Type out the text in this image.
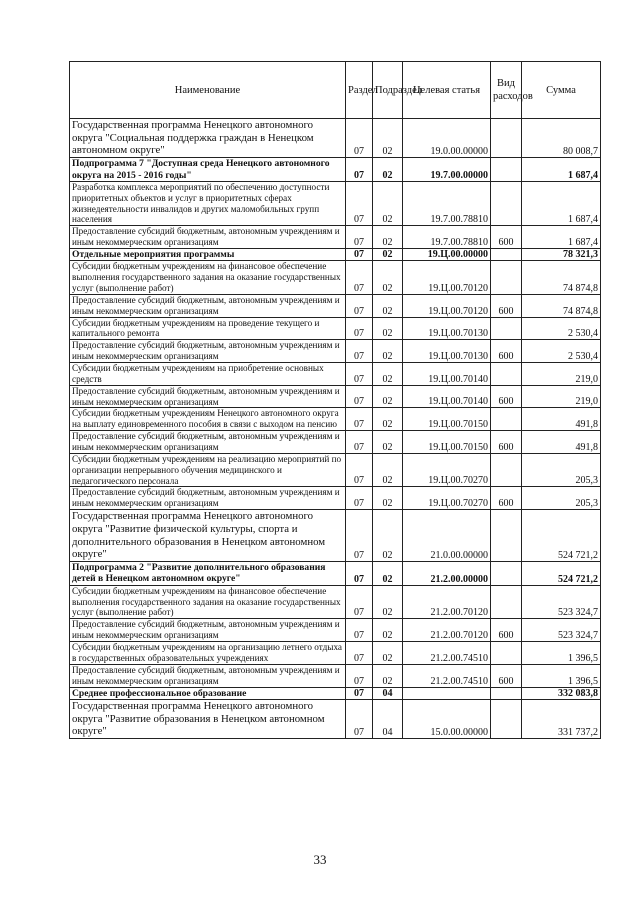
Наименование	Раздел	Подраздел	Целевая статья	Вид расходов	Сумма
Государственная программа Ненецкого автономного округа "Социальная поддержка граждан в Ненецком автономном округе"	07	02	19.0.00.00000		80 008,7
Подпрограмма 7 "Доступная среда Ненецкого автономного округа на 2015 - 2016 годы"	07	02	19.7.00.00000		1 687,4
Разработка комплекса мероприятий по обеспечению доступности приоритетных объектов и услуг в приоритетных сферах жизнедеятельности инвалидов и других маломобильных групп населения	07	02	19.7.00.78810		1 687,4
Предоставление субсидий бюджетным, автономным учреждениям и иным некоммерческим организациям	07	02	19.7.00.78810	600	1 687,4
Отдельные мероприятия программы	07	02	19.Ц.00.00000		78 321,3
Субсидии бюджетным учреждениям на финансовое обеспечение выполнения государственного задания на оказание государственных услуг (выполнение работ)	07	02	19.Ц.00.70120		74 874,8
Предоставление субсидий бюджетным, автономным учреждениям и иным некоммерческим организациям	07	02	19.Ц.00.70120	600	74 874,8
Субсидии бюджетным учреждениям на проведение текущего и капитального ремонта	07	02	19.Ц.00.70130		2 530,4
Предоставление субсидий бюджетным, автономным учреждениям и иным некоммерческим организациям	07	02	19.Ц.00.70130	600	2 530,4
Субсидии бюджетным учреждениям на приобретение основных средств	07	02	19.Ц.00.70140		219,0
Предоставление субсидий бюджетным, автономным учреждениям и иным некоммерческим организациям	07	02	19.Ц.00.70140	600	219,0
Субсидии бюджетным учреждениям Ненецкого автономного округа на выплату единовременного пособия в связи с выходом на пенсию	07	02	19.Ц.00.70150		491,8
Предоставление субсидий бюджетным, автономным учреждениям и иным некоммерческим организациям	07	02	19.Ц.00.70150	600	491,8
Субсидии бюджетным учреждениям на реализацию мероприятий по организации непрерывного обучения медицинского и педагогического персонала	07	02	19.Ц.00.70270		205,3
Предоставление субсидий бюджетным, автономным учреждениям и иным некоммерческим организациям	07	02	19.Ц.00.70270	600	205,3
Государственная программа Ненецкого автономного округа "Развитие физической культуры, спорта и дополнительного образования в Ненецком автономном округе"	07	02	21.0.00.00000		524 721,2
Подпрограмма 2 "Развитие дополнительного образования детей в Ненецком автономном округе"	07	02	21.2.00.00000		524 721,2
Субсидии бюджетным учреждениям на финансовое обеспечение выполнения государственного задания на оказание государственных услуг (выполнение работ)	07	02	21.2.00.70120		523 324,7
Предоставление субсидий бюджетным, автономным учреждениям и иным некоммерческим организациям	07	02	21.2.00.70120	600	523 324,7
Субсидии бюджетным учреждениям на организацию летнего отдыха в государственных образовательных учреждениях	07	02	21.2.00.74510		1 396,5
Предоставление субсидий бюджетным, автономным учреждениям и иным некоммерческим организациям	07	02	21.2.00.74510	600	1 396,5
Среднее профессиональное образование	07	04			332 083,8
Государственная программа Ненецкого автономного округа "Развитие образования в Ненецком автономном округе"	07	04	15.0.00.00000		331 737,2
33
